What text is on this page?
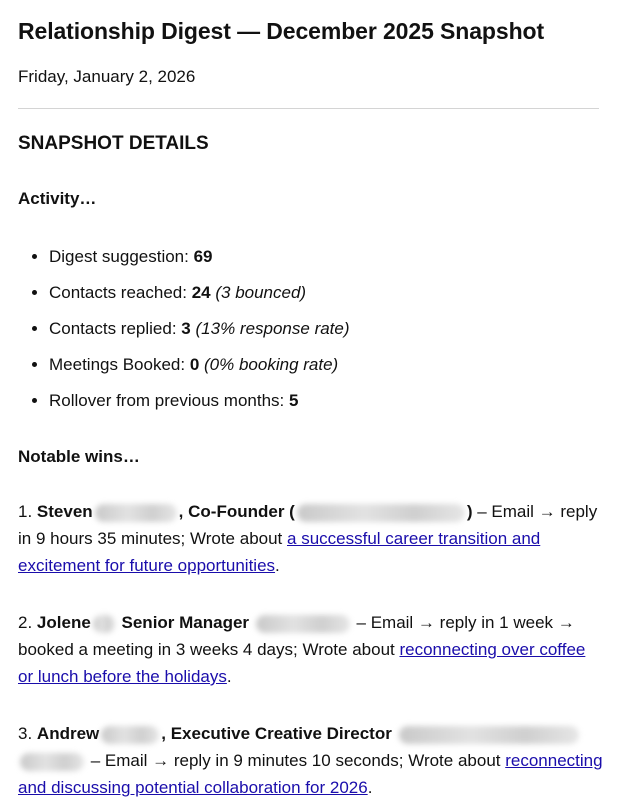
Relationship Digest — December 2025 Snapshot

Friday, January 2, 2026

SNAPSHOT DETAILS

Activity…

• Digest suggestion: 69
• Contacts reached: 24 (3 bounced)
• Contacts replied: 3 (13% response rate)
• Meetings Booked: 0 (0% booking rate)
• Rollover from previous months: 5

Notable wins…

1. Steven	, Co-Founder (	) – Email → reply in 9 hours 35 minutes; Wrote about a successful career transition and excitement for future opportunities.
2. Jolene Senior Manager	– Email → reply in 1 week → booked a meeting in 3 weeks 4 days; Wrote about reconnecting over coffee or lunch before the holidays.
3. Andrew	, Executive Creative Director   – Email → reply in 9 minutes 10 seconds; Wrote about reconnecting and discussing potential collaboration for 2026.
